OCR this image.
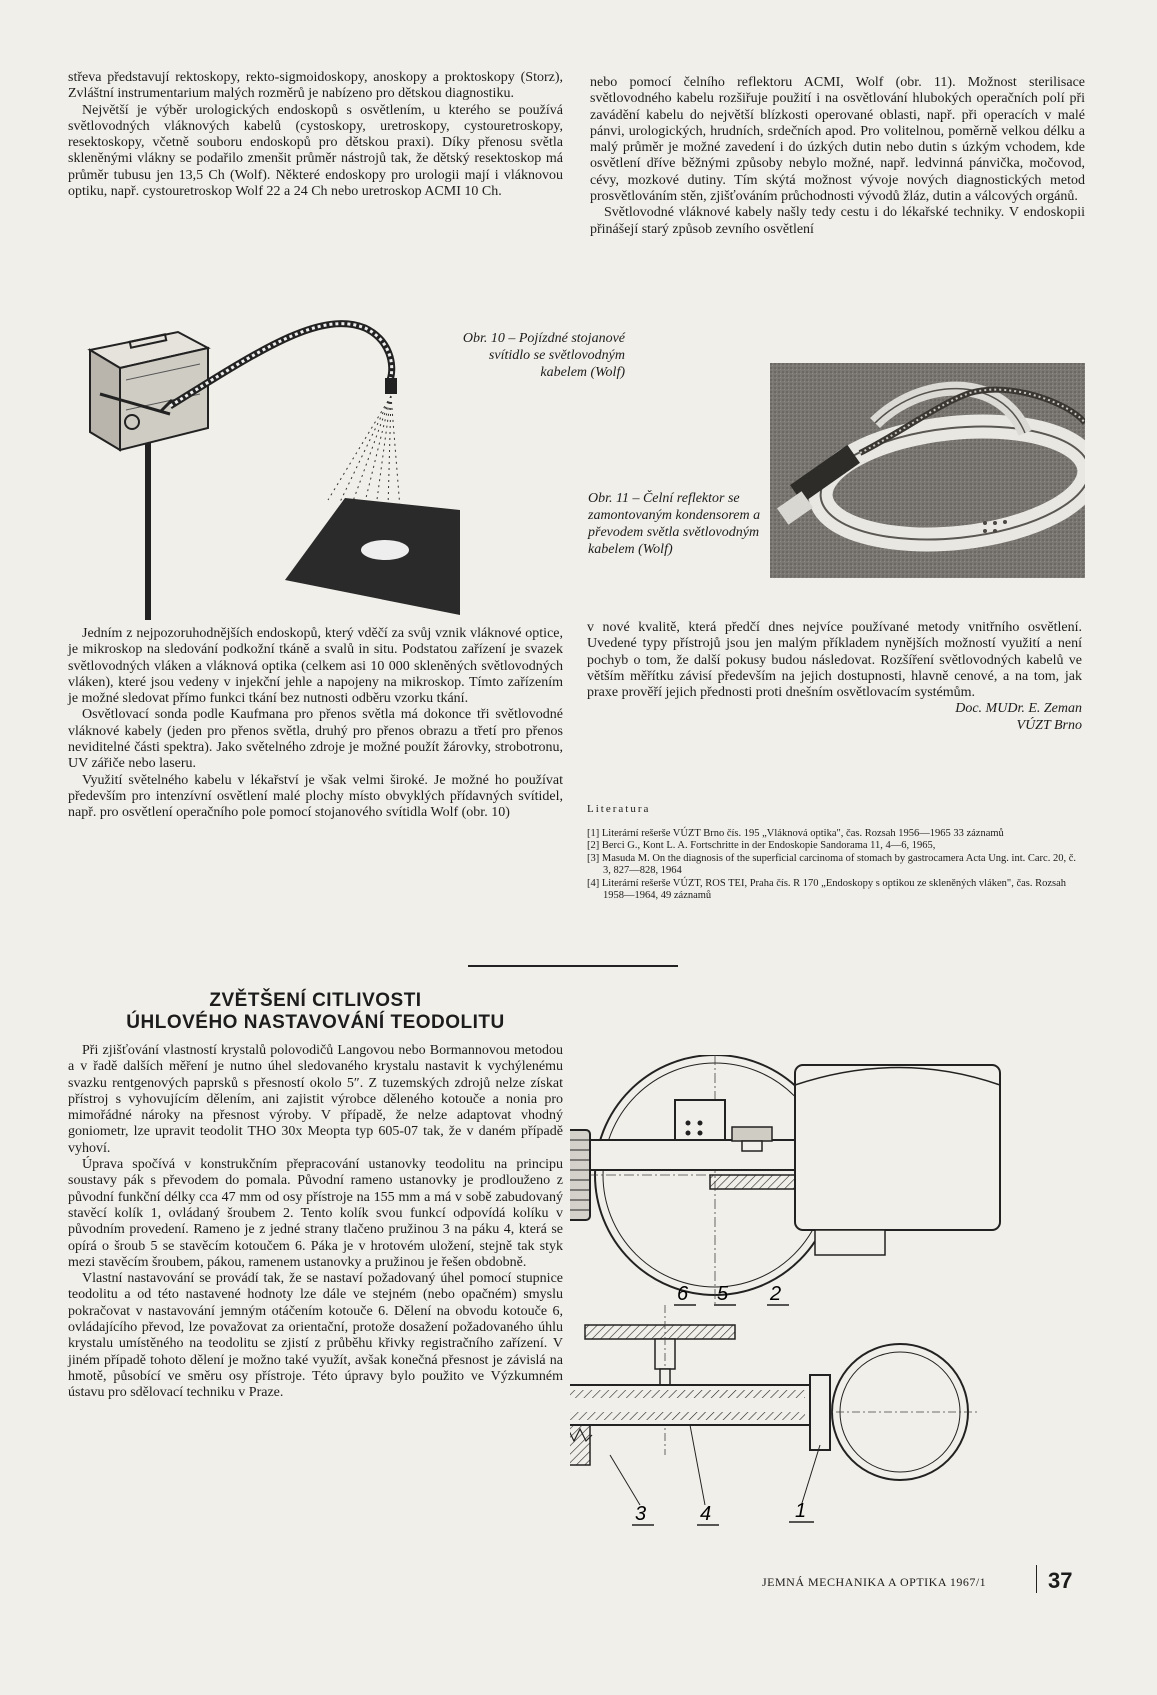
střeva představují rektoskopy, rekto-sigmoidoskopy, anoskopy a proktoskopy (Storz), Zvláštní instrumentarium malých rozměrů je nabízeno pro dětskou diagnostiku.

Největší je výběr urologických endoskopů s osvětlením, u kterého se používá světlovodných vláknových kabelů (cystoskopy, uretroskopy, cystouretroskopy, resektoskopy, včetně souboru endoskopů pro dětskou praxi). Díky přenosu světla skleněnými vlákny se podařilo zmenšit průměr nástrojů tak, že dětský resektoskop má průměr tubusu jen 13,5 Ch (Wolf). Některé endoskopy pro urologii mají i vláknovou optiku, např. cystouretroskop Wolf 22 a 24 Ch nebo uretroskop ACMI 10 Ch.

nebo pomocí čelního reflektoru ACMI, Wolf (obr. 11). Možnost sterilisace světlovodného kabelu rozšiřuje použití i na osvětlování hlubokých operačních polí při zavádění kabelu do největší blízkosti operované oblasti, např. při operacích v malé pánvi, urologických, hrudních, srdečních apod. Pro volitelnou, poměrně velkou délku a malý průměr je možné zavedení i do úzkých dutin nebo dutin s úzkým vchodem, kde osvětlení dříve běžnými způsoby nebylo možné, např. ledvinná pánvička, močovod, cévy, mozkové dutiny. Tím skýtá možnost vývoje nových diagnostických metod prosvětlováním stěn, zjišťováním průchodnosti vývodů žláz, dutin a válcových orgánů.

Světlovodné vláknové kabely našly tedy cestu i do lékařské techniky. V endoskopii přinášejí starý způsob zevního osvětlení

Obr. 10 – Pojízdné stojanové svítidlo se světlovodným kabelem (Wolf)
Obr. 11 – Čelní reflektor se zamontovaným kondensorem a převodem světla světlovodným kabelem (Wolf)

Jedním z nejpozoruhodnějších endoskopů, který vděčí za svůj vznik vláknové optice, je mikroskop na sledování podkožní tkáně a svalů in situ. Podstatou zařízení je svazek světlovodných vláken a vláknová optika (celkem asi 10 000 skleněných světlovodných vláken), které jsou vedeny v injekční jehle a napojeny na mikroskop. Tímto zařízením je možné sledovat přímo funkci tkání bez nutnosti odběru vzorku tkání.

Osvětlovací sonda podle Kaufmana pro přenos světla má dokonce tři světlovodné vláknové kabely (jeden pro přenos světla, druhý pro přenos obrazu a třetí pro přenos neviditelné části spektra). Jako světelného zdroje je možné použít žárovky, strobotronu, UV zářiče nebo laseru.

Využití světelného kabelu v lékařství je však velmi široké. Je možné ho používat především pro intenzívní osvětlení malé plochy místo obvyklých přídavných svítidel, např. pro osvětlení operačního pole pomocí stojanového svítidla Wolf (obr. 10)

v nové kvalitě, která předčí dnes nejvíce používané metody vnitřního osvětlení. Uvedené typy přístrojů jsou jen malým příkladem nynějších možností využití a není pochyb o tom, že další pokusy budou následovat. Rozšíření světlovodných kabelů ve větším měřítku závisí především na jejich dostupnosti, hlavně cenové, a na tom, jak praxe prověří jejich přednosti proti dnešním osvětlovacím systémům.

Doc. MUDr. E. Zeman
VÚZT Brno
Literatura
[1] Literární rešerše VÚZT Brno čís. 195 „Vláknová optika", čas. Rozsah 1956—1965 33 záznamů
[2] Berci G., Kont L. A. Fortschritte in der Endoskopie Sandorama 11, 4—6, 1965,
[3] Masuda M. On the diagnosis of the superficial carcinoma of stomach by gastrocamera Acta Ung. int. Carc. 20, č. 3, 827—828, 1964
[4] Literární rešerše VÚZT, ROS TEI, Praha čís. R 170 „Endoskopy s optikou ze skleněných vláken", čas. Rozsah 1958—1964, 49 záznamů
ZVĚTŠENÍ CITLIVOSTI
ÚHLOVÉHO NASTAVOVÁNÍ TEODOLITU

Při zjišťování vlastností krystalů polovodičů Langovou nebo Bormannovou metodou a v řadě dalších měření je nutno úhel sledovaného krystalu nastavit k vychýlenému svazku rentgenových paprsků s přesností okolo 5″. Z tuzemských zdrojů nelze získat přístroj s vyhovujícím dělením, ani zajistit výrobce děleného kotouče a nonia pro mimořádné nároky na přesnost výroby. V případě, že nelze adaptovat vhodný goniometr, lze upravit teodolit THO 30x Meopta typ 605-07 tak, že v daném případě vyhoví.

Úprava spočívá v konstrukčním přepracování ustanovky teodolitu na principu soustavy pák s převodem do pomala. Původní rameno ustanovky je prodlouženo z původní funkční délky cca 47 mm od osy přístroje na 155 mm a má v sobě zabudovaný stavěcí kolík 1, ovládaný šroubem 2. Tento kolík svou funkcí odpovídá kolíku v původním provedení. Rameno je z jedné strany tlačeno pružinou 3 na páku 4, která se opírá o šroub 5 se stavěcím kotoučem 6. Páka je v hrotovém uložení, stejně tak styk mezi stavěcím šroubem, pákou, ramenem ustanovky a pružinou je řešen obdobně.

Vlastní nastavování se provádí tak, že se nastaví požadovaný úhel pomocí stupnice teodolitu a od této nastavené hodnoty lze dále ve stejném (nebo opačném) smyslu pokračovat v nastavování jemným otáčením kotouče 6. Dělení na obvodu kotouče 6, ovládajícího převod, lze považovat za orientační, protože dosažení požadovaného úhlu krystalu umístěného na teodolitu se zjistí z průběhu křivky registračního zařízení. V jiném případě tohoto dělení je možno také využít, avšak konečná přesnost je závislá na hmotě, působící ve směru osy přístroje. Této úpravy bylo použito ve Výzkumném ústavu pro sdělovací techniku v Praze.

6 5 2
3	4	1
JEMNÁ MECHANIKA A OPTIKA 1967/1	37
